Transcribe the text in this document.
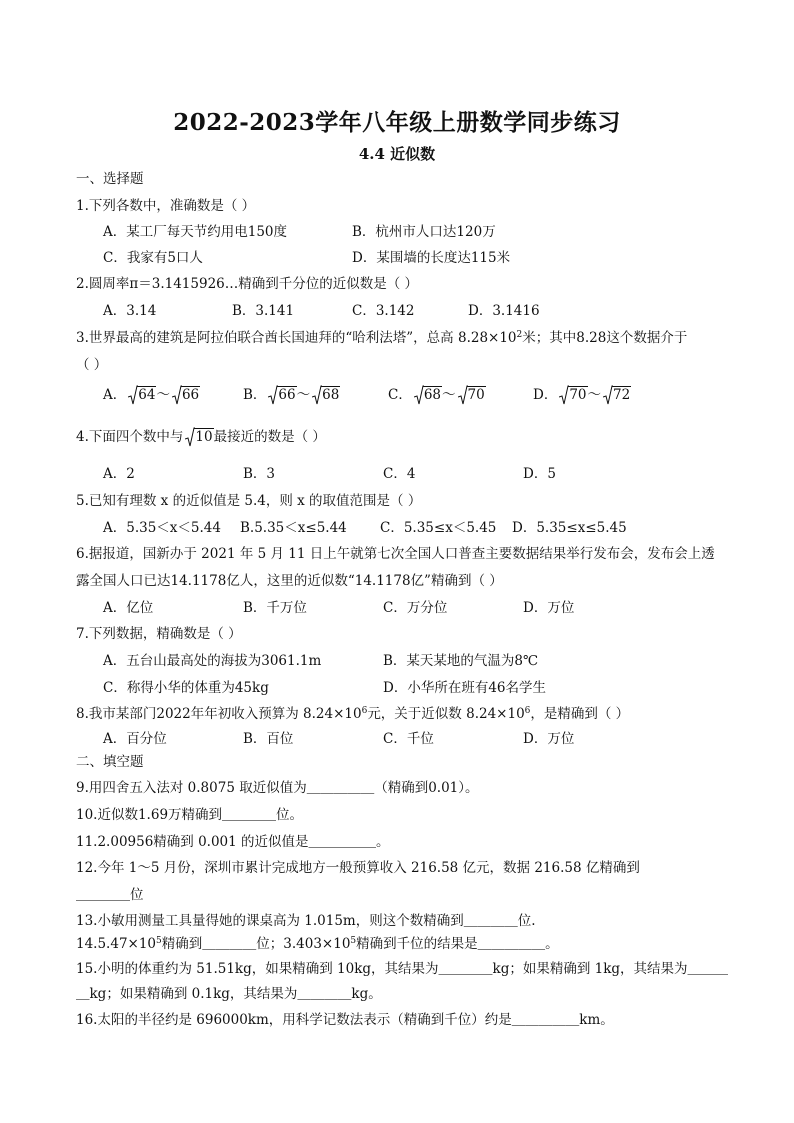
2022-2023学年八年级上册数学同步练习
4.4 近似数
一、选择题
1.下列各数中，准确数是（ ）
A．某工厂每天节约用电150度	B．杭州市人口达120万
C．我家有5口人	D．某围墙的长度达115米
2.圆周率π＝3.1415926…精确到千分位的近似数是（ ）
A．3.14	B．3.141	C．3.142	D．3.1416
3.世界最高的建筑是阿拉伯联合酋长国迪拜的“哈利法塔”，总高 $8.28\times 10^2$米；其中8.28这个数据介于
（ ）
A． 64～ 66	B． 66～ 68	C． 68～ 70	D． 70～ 72
4.下面四个数中与 10最接近的数是（ ）
A．2	B．3	C．4	D．5
5.已知有理数 x 的近似值是 5.4，则 x 的取值范围是（ ）
A．5.35＜x＜5.44 B.5.35＜x≤5.44 C．5.35≤x＜5.45 D．5.35≤x≤5.45
6.据报道，国新办于 2021 年 5 月 11 日上午就第七次全国人口普查主要数据结果举行发布会，发布会上透
露全国人口已达14.1178亿人，这里的近似数“14.1178亿”精确到（ ）
A．亿位	B．千万位	C．万分位	D．万位
7.下列数据，精确数是（ ）
A．五台山最高处的海拔为3061.1m	B．某天某地的气温为8℃
C．称得小华的体重为45kg	D．小华所在班有46名学生
8.我市某部门2022年年初收入预算为 $8.24\times 10^6$元，关于近似数 $8.24\times 10^6$，是精确到（ ）
A．百分位	B．百位	C．千位	D．万位
二、填空题
9.用四舍五入法对 0.8075 取近似值为＿＿＿＿＿（精确到0.01）。
10.近似数1.69万精确到＿＿＿＿位。
11.2.00956精确到 0.001 的近似值是＿＿＿＿＿。
12.今年 1～5 月份，深圳市累计完成地方一般预算收入 216.58 亿元，数据 216.58 亿精确到
＿＿＿＿位
13.小敏用测量工具量得她的课桌高为 1.015m，则这个数精确到＿＿＿＿位.
$14.5.47\times 10^5$精确到＿＿＿＿位；$3.403\times 10^5$精确到千位的结果是＿＿＿＿＿。
15.小明的体重约为 51.51kg，如果精确到 10kg，其结果为＿＿＿＿kg；如果精确到 1kg，其结果为＿＿＿
＿kg；如果精确到 0.1kg，其结果为＿＿＿＿kg。
16.太阳的半径约是 696000km，用科学记数法表示（精确到千位）约是＿＿＿＿＿km。
